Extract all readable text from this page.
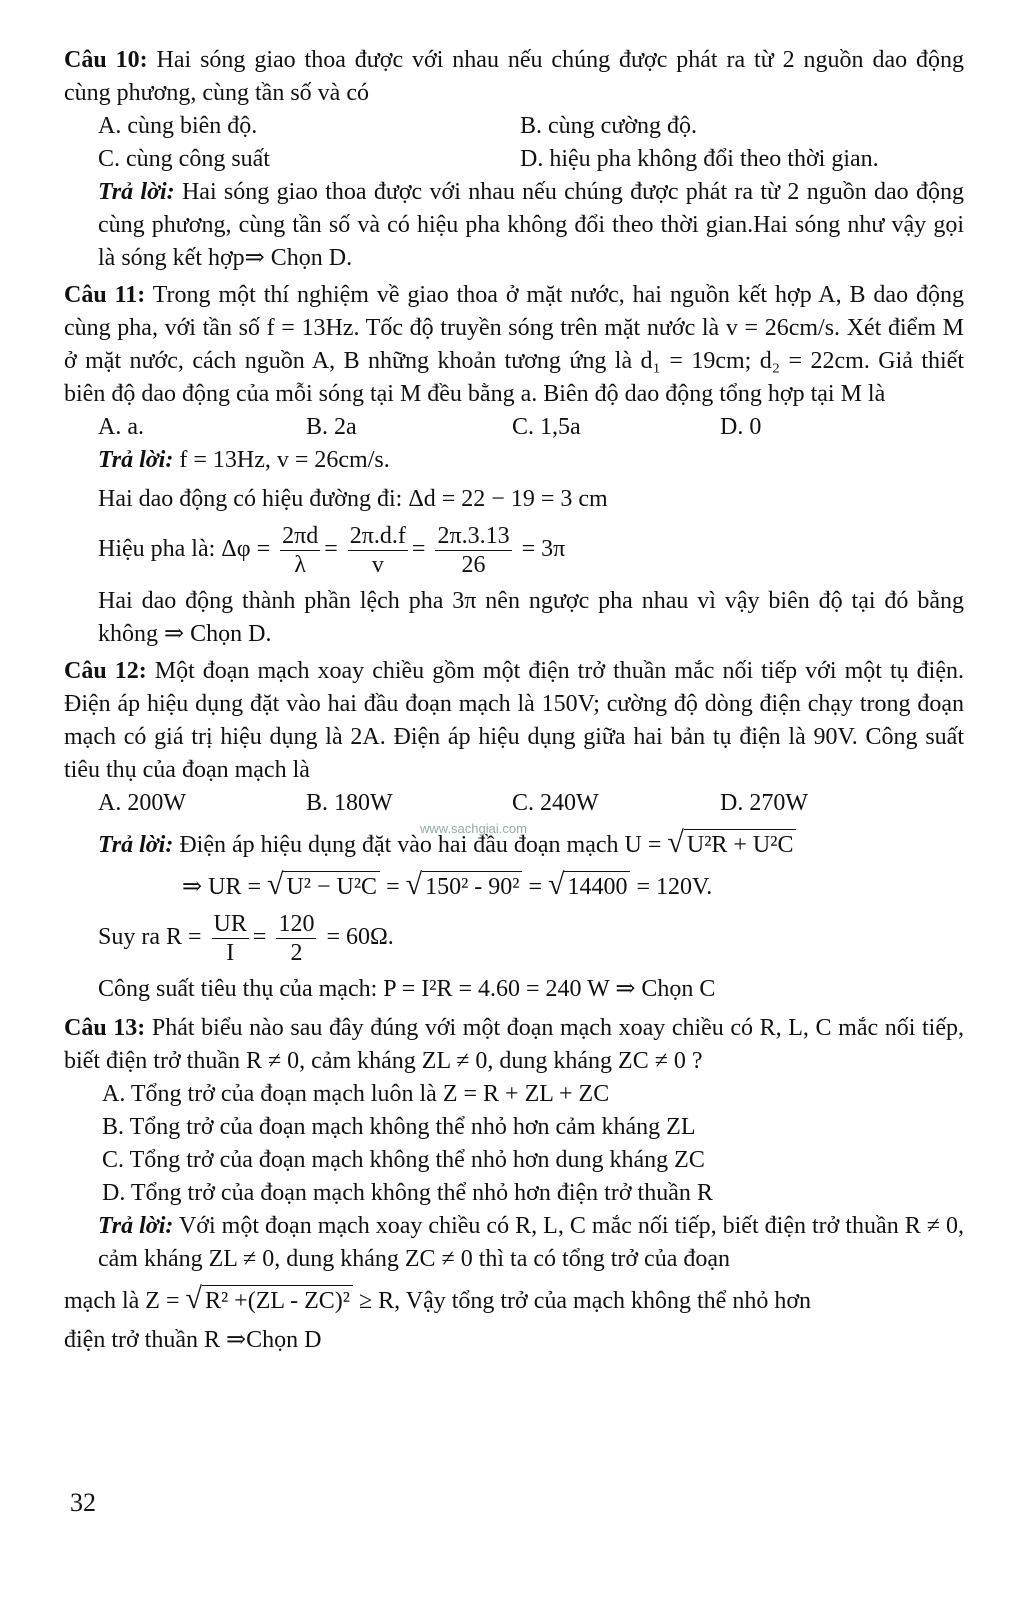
Câu 10: Hai sóng giao thoa được với nhau nếu chúng được phát ra từ 2 nguồn dao động cùng phương, cùng tần số và có

A. cùng biên độ.	B. cùng cường độ.
C. cùng công suất	D. hiệu pha không đổi theo thời gian.

Trả lời: Hai sóng giao thoa được với nhau nếu chúng được phát ra từ 2 nguồn dao động cùng phương, cùng tần số và có hiệu pha không đổi theo thời gian.Hai sóng như vậy gọi là sóng kết hợp⇒ Chọn D.

Câu 11: Trong một thí nghiệm về giao thoa ở mặt nước, hai nguồn kết hợp A, B dao động cùng pha, với tần số f = 13Hz. Tốc độ truyền sóng trên mặt nước là v = 26cm/s. Xét điểm M ở mặt nước, cách nguồn A, B những khoản tương ứng là d₁ = 19cm; d₂ = 22cm. Giả thiết biên độ dao động của mỗi sóng tại M đều bằng a. Biên độ dao động tổng hợp tại M là

A. a.	B. 2a	C. 1,5a	D. 0

Trả lời: f = 13Hz, v = 26cm/s.

Hai dao động có hiệu đường đi: Δd = 22 − 19 = 3 cm

Hiệu pha là: $\Delta\varphi = \frac{2\pi d}{\lambda} = \frac{2\pi.d.f}{v} = \frac{2\pi.3.13}{26} = 3\pi$

Hai dao động thành phần lệch pha 3π nên ngược pha nhau vì vậy biên độ tại đó bằng không ⇒ Chọn D.

Câu 12: Một đoạn mạch xoay chiều gồm một điện trở thuần mắc nối tiếp với một tụ điện. Điện áp hiệu dụng đặt vào hai đầu đoạn mạch là 150V; cường độ dòng điện chạy trong đoạn mạch có giá trị hiệu dụng là 2A. Điện áp hiệu dụng giữa hai bản tụ điện là 90V. Công suất tiêu thụ của đoạn mạch là

A. 200W	B. 180W	C. 240W	D. 270W

Trả lời: Điện áp hiệu dụng đặt vào hai đầu đoạn mạch U = √ U²R + U²C

⇒ UR = √ U² − U²C = √ 150² - 90² = √ 14400 = 120V.

Suy ra $R = \frac{UR}{I} = \frac{120}{2} = 60\Omega$.

Công suất tiêu thụ của mạch: P = I²R = 4.60 = 240 W ⇒ Chọn C

Câu 13: Phát biểu nào sau đây đúng với một đoạn mạch xoay chiều có R, L, C mắc nối tiếp, biết điện trở thuần R ≠ 0, cảm kháng ZL ≠ 0, dung kháng ZC ≠ 0 ?

A. Tổng trở của đoạn mạch luôn là Z = R + ZL + ZC
B. Tổng trở của đoạn mạch không thể nhỏ hơn cảm kháng ZL
C. Tổng trở của đoạn mạch không thể nhỏ hơn dung kháng ZC
D. Tổng trở của đoạn mạch không thể nhỏ hơn điện trở thuần R

Trả lời: Với một đoạn mạch xoay chiều có R, L, C mắc nối tiếp, biết điện trở thuần R ≠ 0, cảm kháng ZL ≠ 0, dung kháng ZC ≠ 0 thì ta có tổng trở của đoạn

mạch là Z = √ R² +(ZL - ZC)² ≥ R, Vậy tổng trở của mạch không thể nhỏ hơn

điện trở thuần R ⇒Chọn D

www.sachgiai.com
32
